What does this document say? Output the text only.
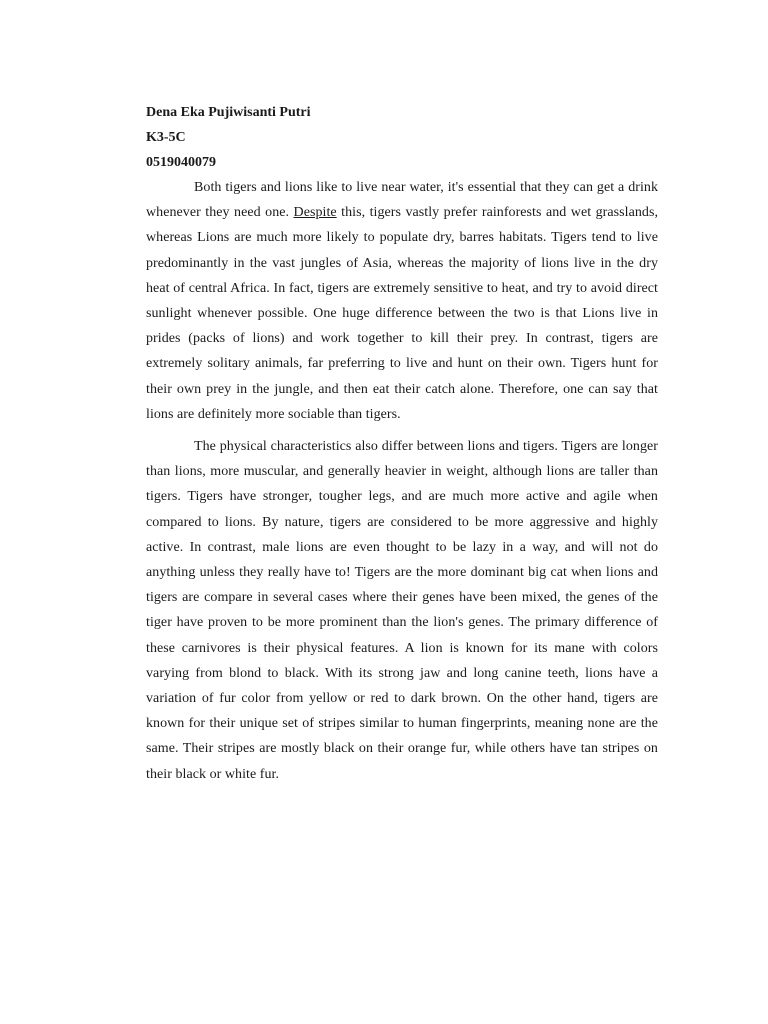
Dena Eka Pujiwisanti Putri

K3-5C

0519040079

Both tigers and lions like to live near water, it's essential that they can get a drink whenever they need one. Despite this, tigers vastly prefer rainforests and wet grasslands, whereas Lions are much more likely to populate dry, barres habitats. Tigers tend to live predominantly in the vast jungles of Asia, whereas the majority of lions live in the dry heat of central Africa. In fact, tigers are extremely sensitive to heat, and try to avoid direct sunlight whenever possible. One huge difference between the two is that Lions live in prides (packs of lions) and work together to kill their prey. In contrast, tigers are extremely solitary animals, far preferring to live and hunt on their own. Tigers hunt for their own prey in the jungle, and then eat their catch alone. Therefore, one can say that lions are definitely more sociable than tigers.

The physical characteristics also differ between lions and tigers. Tigers are longer than lions, more muscular, and generally heavier in weight, although lions are taller than tigers. Tigers have stronger, tougher legs, and are much more active and agile when compared to lions. By nature, tigers are considered to be more aggressive and highly active. In contrast, male lions are even thought to be lazy in a way, and will not do anything unless they really have to! Tigers are the more dominant big cat when lions and tigers are compare in several cases where their genes have been mixed, the genes of the tiger have proven to be more prominent than the lion's genes. The primary difference of these carnivores is their physical features. A lion is known for its mane with colors varying from blond to black. With its strong jaw and long canine teeth, lions have a variation of fur color from yellow or red to dark brown. On the other hand, tigers are known for their unique set of stripes similar to human fingerprints, meaning none are the same. Their stripes are mostly black on their orange fur, while others have tan stripes on their black or white fur.
